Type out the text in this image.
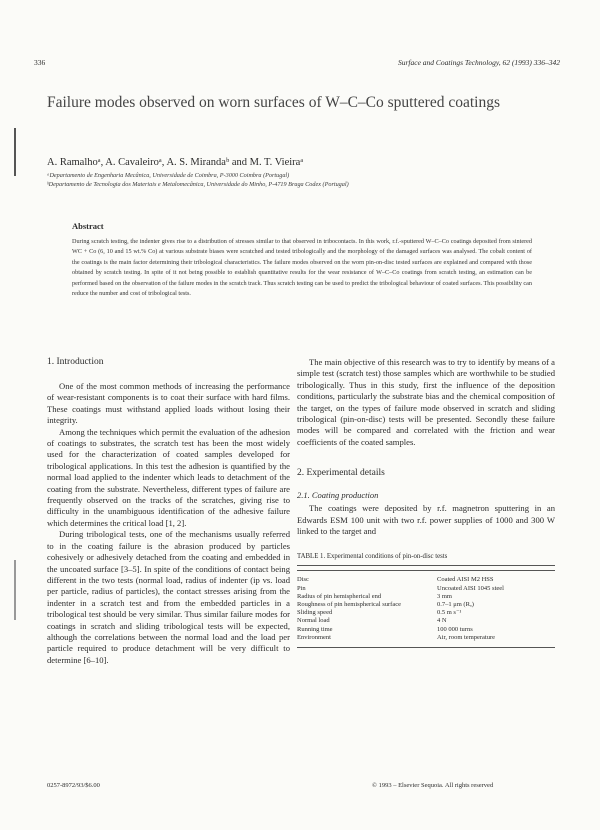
336	Surface and Coatings Technology, 62 (1993) 336–342
Failure modes observed on worn surfaces of W–C–Co sputtered coatings
A. Ramalhoᵃ, A. Cavaleiroᵃ, A. S. Mirandaᵇ and M. T. Vieiraᵃ
ᵃDepartamento de Engenharia Mecânica, Universidade de Coimbra, P-3000 Coimbra (Portugal)
ᵇDepartamento de Tecnologia dos Materiais e Metalomecânica, Universidade do Minho, P-4719 Braga Codex (Portugal)
Abstract
During scratch testing, the indenter gives rise to a distribution of stresses similar to that observed in tribocontacts. In this work, r.f.-sputtered W–C–Co coatings deposited from sintered WC + Co (6, 10 and 15 wt.% Co) at various substrate biases were scratched and tested tribologically and the morphology of the damaged surfaces was analysed. The cobalt content of the coatings is the main factor determining their tribological characteristics. The failure modes observed on the worn pin-on-disc tested surfaces are explained and compared with those obtained by scratch testing. In spite of it not being possible to establish quantitative results for the wear resistance of W–C–Co coatings from scratch testing, an estimation can be performed based on the observation of the failure modes in the scratch track. Thus scratch testing can be used to predict the tribological behaviour of coated surfaces. This possibility can reduce the number and cost of tribological tests.
1. Introduction

One of the most common methods of increasing the performance of wear-resistant components is to coat their surface with hard films. These coatings must withstand applied loads without losing their integrity.

Among the techniques which permit the evaluation of the adhesion of coatings to substrates, the scratch test has been the most widely used for the characterization of coated samples developed for tribological applications. In this test the adhesion is quantified by the normal load applied to the indenter which leads to detachment of the coating from the substrate. Nevertheless, different types of failure are frequently observed on the tracks of the scratches, giving rise to difficulty in the unambiguous identification of the adhesive failure which determines the critical load [1, 2].

During tribological tests, one of the mechanisms usually referred to in the coating failure is the abrasion produced by particles cohesively or adhesively detached from the coating and embedded in the uncoated surface [3–5]. In spite of the conditions of contact being different in the two tests (normal load, radius of indenter (ip vs. load per particle, radius of particles), the contact stresses arising from the indenter in a scratch test and from the embedded particles in a tribological test should be very similar. Thus similar failure modes for coatings in scratch and sliding tribological tests will be expected, although the correlations between the normal load and the load per particle required to produce detachment will be very difficult to determine [6–10].

The main objective of this research was to try to identify by means of a simple test (scratch test) those samples which are worthwhile to be studied tribologically. Thus in this study, first the influence of the deposition conditions, particularly the substrate bias and the chemical composition of the target, on the types of failure mode observed in scratch and sliding tribological (pin-on-disc) tests will be presented. Secondly these failure modes will be compared and correlated with the friction and wear coefficients of the coated samples.

2. Experimental details
2.1. Coating production

The coatings were deposited by r.f. magnetron sputtering in an Edwards ESM 100 unit with two r.f. power supplies of 1000 and 300 W linked to the target and

TABLE 1. Experimental conditions of pin-on-disc tests
Disc	Coated AISI M2 HSS
Pin	Uncoated AISI 1045 steel
Radius of pin hemispherical end	3 mm
Roughness of pin hemispherical surface	0.7–1 μm (Rₐ)
Sliding speed	0.5 m s⁻¹
Normal load	4 N
Running time	100 000 turns
Environment	Air, room temperature
0257-8972/93/$6.00	© 1993 – Elsevier Sequoia. All rights reserved
